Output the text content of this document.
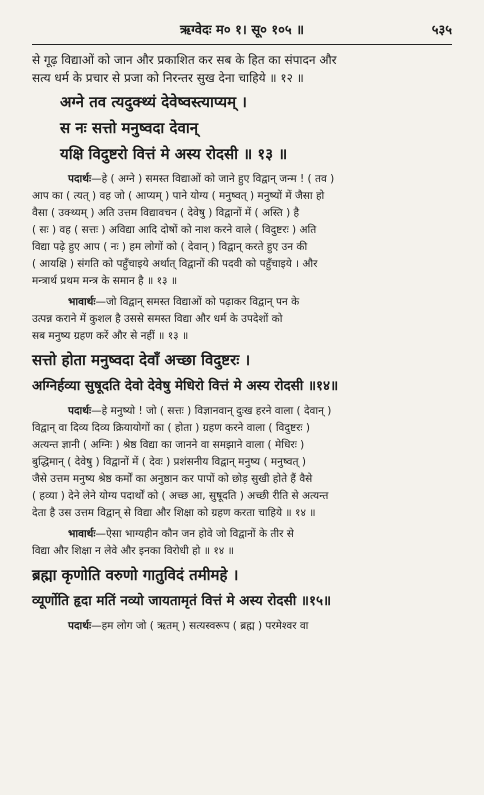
ऋग्वेदः म० १। सू० १०५ ॥	५३५

से गूढ़ विद्याओं को जान और प्रकाशित कर सब के हित का संपादन और

सत्य धर्म के प्रचार से प्रजा को निरन्तर सुख देना चाहिये ॥ १२ ॥

अग्ने तव त्यदुक्थ्यं देवेष्वस्त्याप्यम् ।

स नः सत्तो मनुष्वदा देवान्

यक्षि विदुष्टरो वित्तं मे अस्य रोदसी ॥ १३ ॥

पदार्थः—हे ( अग्ने ) समस्त विद्याओं को जाने हुए विद्वान् जन्म ! ( तव )

आप का ( त्यत् ) वह जो ( आप्यम् ) पाने योग्य ( मनुष्वत् ) मनुष्यों में जैसा हो

वैसा ( उक्थ्यम् ) अति उत्तम विद्यावचन ( देवेषु ) विद्वानों में ( अस्ति ) है

( सः ) वह ( सत्तः ) अविद्या आदि दोषों को नाश करने वाले ( विदुष्टरः ) अति

विद्या पढ़े हुए आप ( नः ) हम लोगों को ( देवान् ) विद्वान् करते हुए उन की

( आयक्षि ) संगति को पहुँचाइये अर्थात् विद्वानों की पदवी को पहुँचाइये । और

मन्त्रार्थ प्रथम मन्त्र के समान है ॥ १३ ॥

भावार्थः—जो विद्वान् समस्त विद्याओं को पढ़ाकर विद्वान् पन के

उत्पन्न कराने में कुशल है उससे समस्त विद्या और धर्म के उपदेशों को

सब मनुष्य ग्रहण करें और से नहीं ॥ १३ ॥

सत्तो होता मनुष्वदा देवाँ अच्छा विदुष्टरः ।

अग्निर्हव्या सुषूदति देवो देवेषु मेधिरो वित्तं मे अस्य रोदसी ॥१४॥

पदार्थः—हे मनुष्यो ! जो ( सत्तः ) विज्ञानवान् दुःख हरने वाला ( देवान् )

विद्वान् वा दिव्य दिव्य क्रियायोगों का ( होता ) ग्रहण करने वाला ( विदुष्टरः )

अत्यन्त ज्ञानी ( अग्निः ) श्रेष्ठ विद्या का जानने वा समझाने वाला ( मेधिरः )

बुद्धिमान् ( देवेषु ) विद्वानों में ( देवः ) प्रशंसनीय विद्वान् मनुष्य ( मनुष्वत् )

जैसे उत्तम मनुष्य श्रेष्ठ कर्मों का अनुष्ठान कर पापों को छोड़ सुखी होते हैं वैसे

( हव्या ) देने लेने योग्य पदार्थों को ( अच्छ आ, सुषूदति ) अच्छी रीति से अत्यन्त

देता है उस उत्तम विद्वान् से विद्या और शिक्षा को ग्रहण करता चाहिये ॥ १४ ॥

भावार्थः—ऐसा भाग्यहीन कौन जन होवे जो विद्वानों के तीर से

विद्या और शिक्षा न लेवे और इनका विरोधी हो ॥ १४ ॥

ब्रह्मा कृणोति वरुणो गातुविदं तमीमहे ।

व्यूर्णोति हृदा मतिं नव्यो जायतामृतं वित्तं मे अस्य रोदसी ॥१५॥

पदार्थः—हम लोग जो ( ऋतम् ) सत्यस्वरूप ( ब्रह्म ) परमेश्वर वा
